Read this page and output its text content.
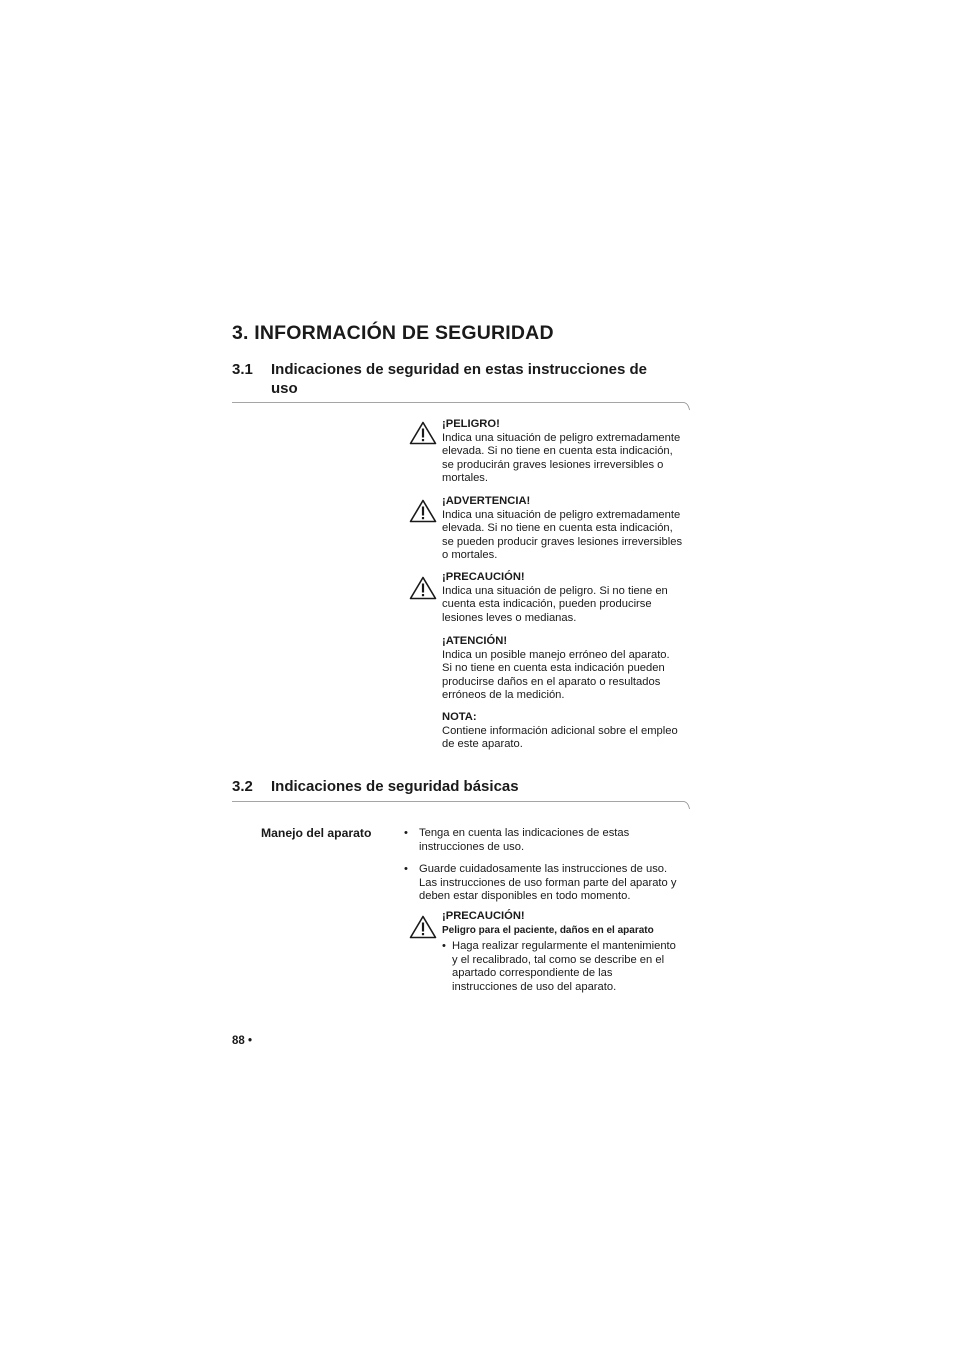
3. INFORMACIÓN DE SEGURIDAD
3.1 Indicaciones de seguridad en estas instrucciones de
uso
¡PELIGRO!
Indica una situación de peligro extremadamente
elevada. Si no tiene en cuenta esta indicación,
se producirán graves lesiones irreversibles o
mortales.
¡ADVERTENCIA!
Indica una situación de peligro extremadamente
elevada. Si no tiene en cuenta esta indicación,
se pueden producir graves lesiones irreversibles
o mortales.
¡PRECAUCIÓN!
Indica una situación de peligro. Si no tiene en
cuenta esta indicación, pueden producirse
lesiones leves o medianas.
¡ATENCIÓN!
Indica un posible manejo erróneo del aparato.
Si no tiene en cuenta esta indicación pueden
producirse daños en el aparato o resultados
erróneos de la medición.
NOTA:
Contiene información adicional sobre el empleo
de este aparato.
3.2 Indicaciones de seguridad básicas
Manejo del aparato	• Tenga en cuenta las indicaciones de estas
instrucciones de uso.
• Guarde cuidadosamente las instrucciones de uso.
Las instrucciones de uso forman parte del aparato y
deben estar disponibles en todo momento.
¡PRECAUCIÓN!
Peligro para el paciente, daños en el aparato
• Haga realizar regularmente el mantenimiento
y el recalibrado, tal como se describe en el
apartado correspondiente de las
instrucciones de uso del aparato.
88 •
